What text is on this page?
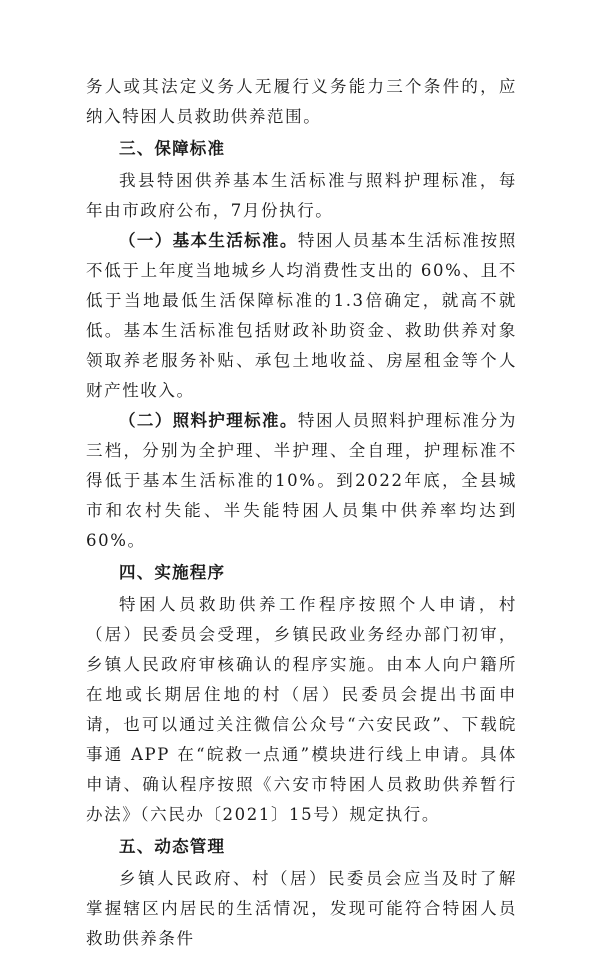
务人或其法定义务人无履行义务能力三个条件的，应纳入特困人员救助供养范围。

三、保障标准

我县特困供养基本生活标准与照料护理标准，每年由市政府公布，7月份执行。

（一）基本生活标准。特困人员基本生活标准按照不低于上年度当地城乡人均消费性支出的 60%、且不低于当地最低生活保障标准的1.3倍确定，就高不就低。基本生活标准包括财政补助资金、救助供养对象领取养老服务补贴、承包土地收益、房屋租金等个人财产性收入。

（二）照料护理标准。特困人员照料护理标准分为三档，分别为全护理、半护理、全自理，护理标准不得低于基本生活标准的10%。到2022年底，全县城市和农村失能、半失能特困人员集中供养率均达到60%。

四、实施程序

特困人员救助供养工作程序按照个人申请，村（居）民委员会受理，乡镇民政业务经办部门初审，乡镇人民政府审核确认的程序实施。由本人向户籍所在地或长期居住地的村（居）民委员会提出书面申请，也可以通过关注微信公众号“六安民政”、下载皖事通 APP 在“皖救一点通”模块进行线上申请。具体申请、确认程序按照《六安市特困人员救助供养暂行办法》（六民办〔2021〕15号）规定执行。

五、动态管理

乡镇人民政府、村（居）民委员会应当及时了解掌握辖区内居民的生活情况，发现可能符合特困人员救助供养条件
